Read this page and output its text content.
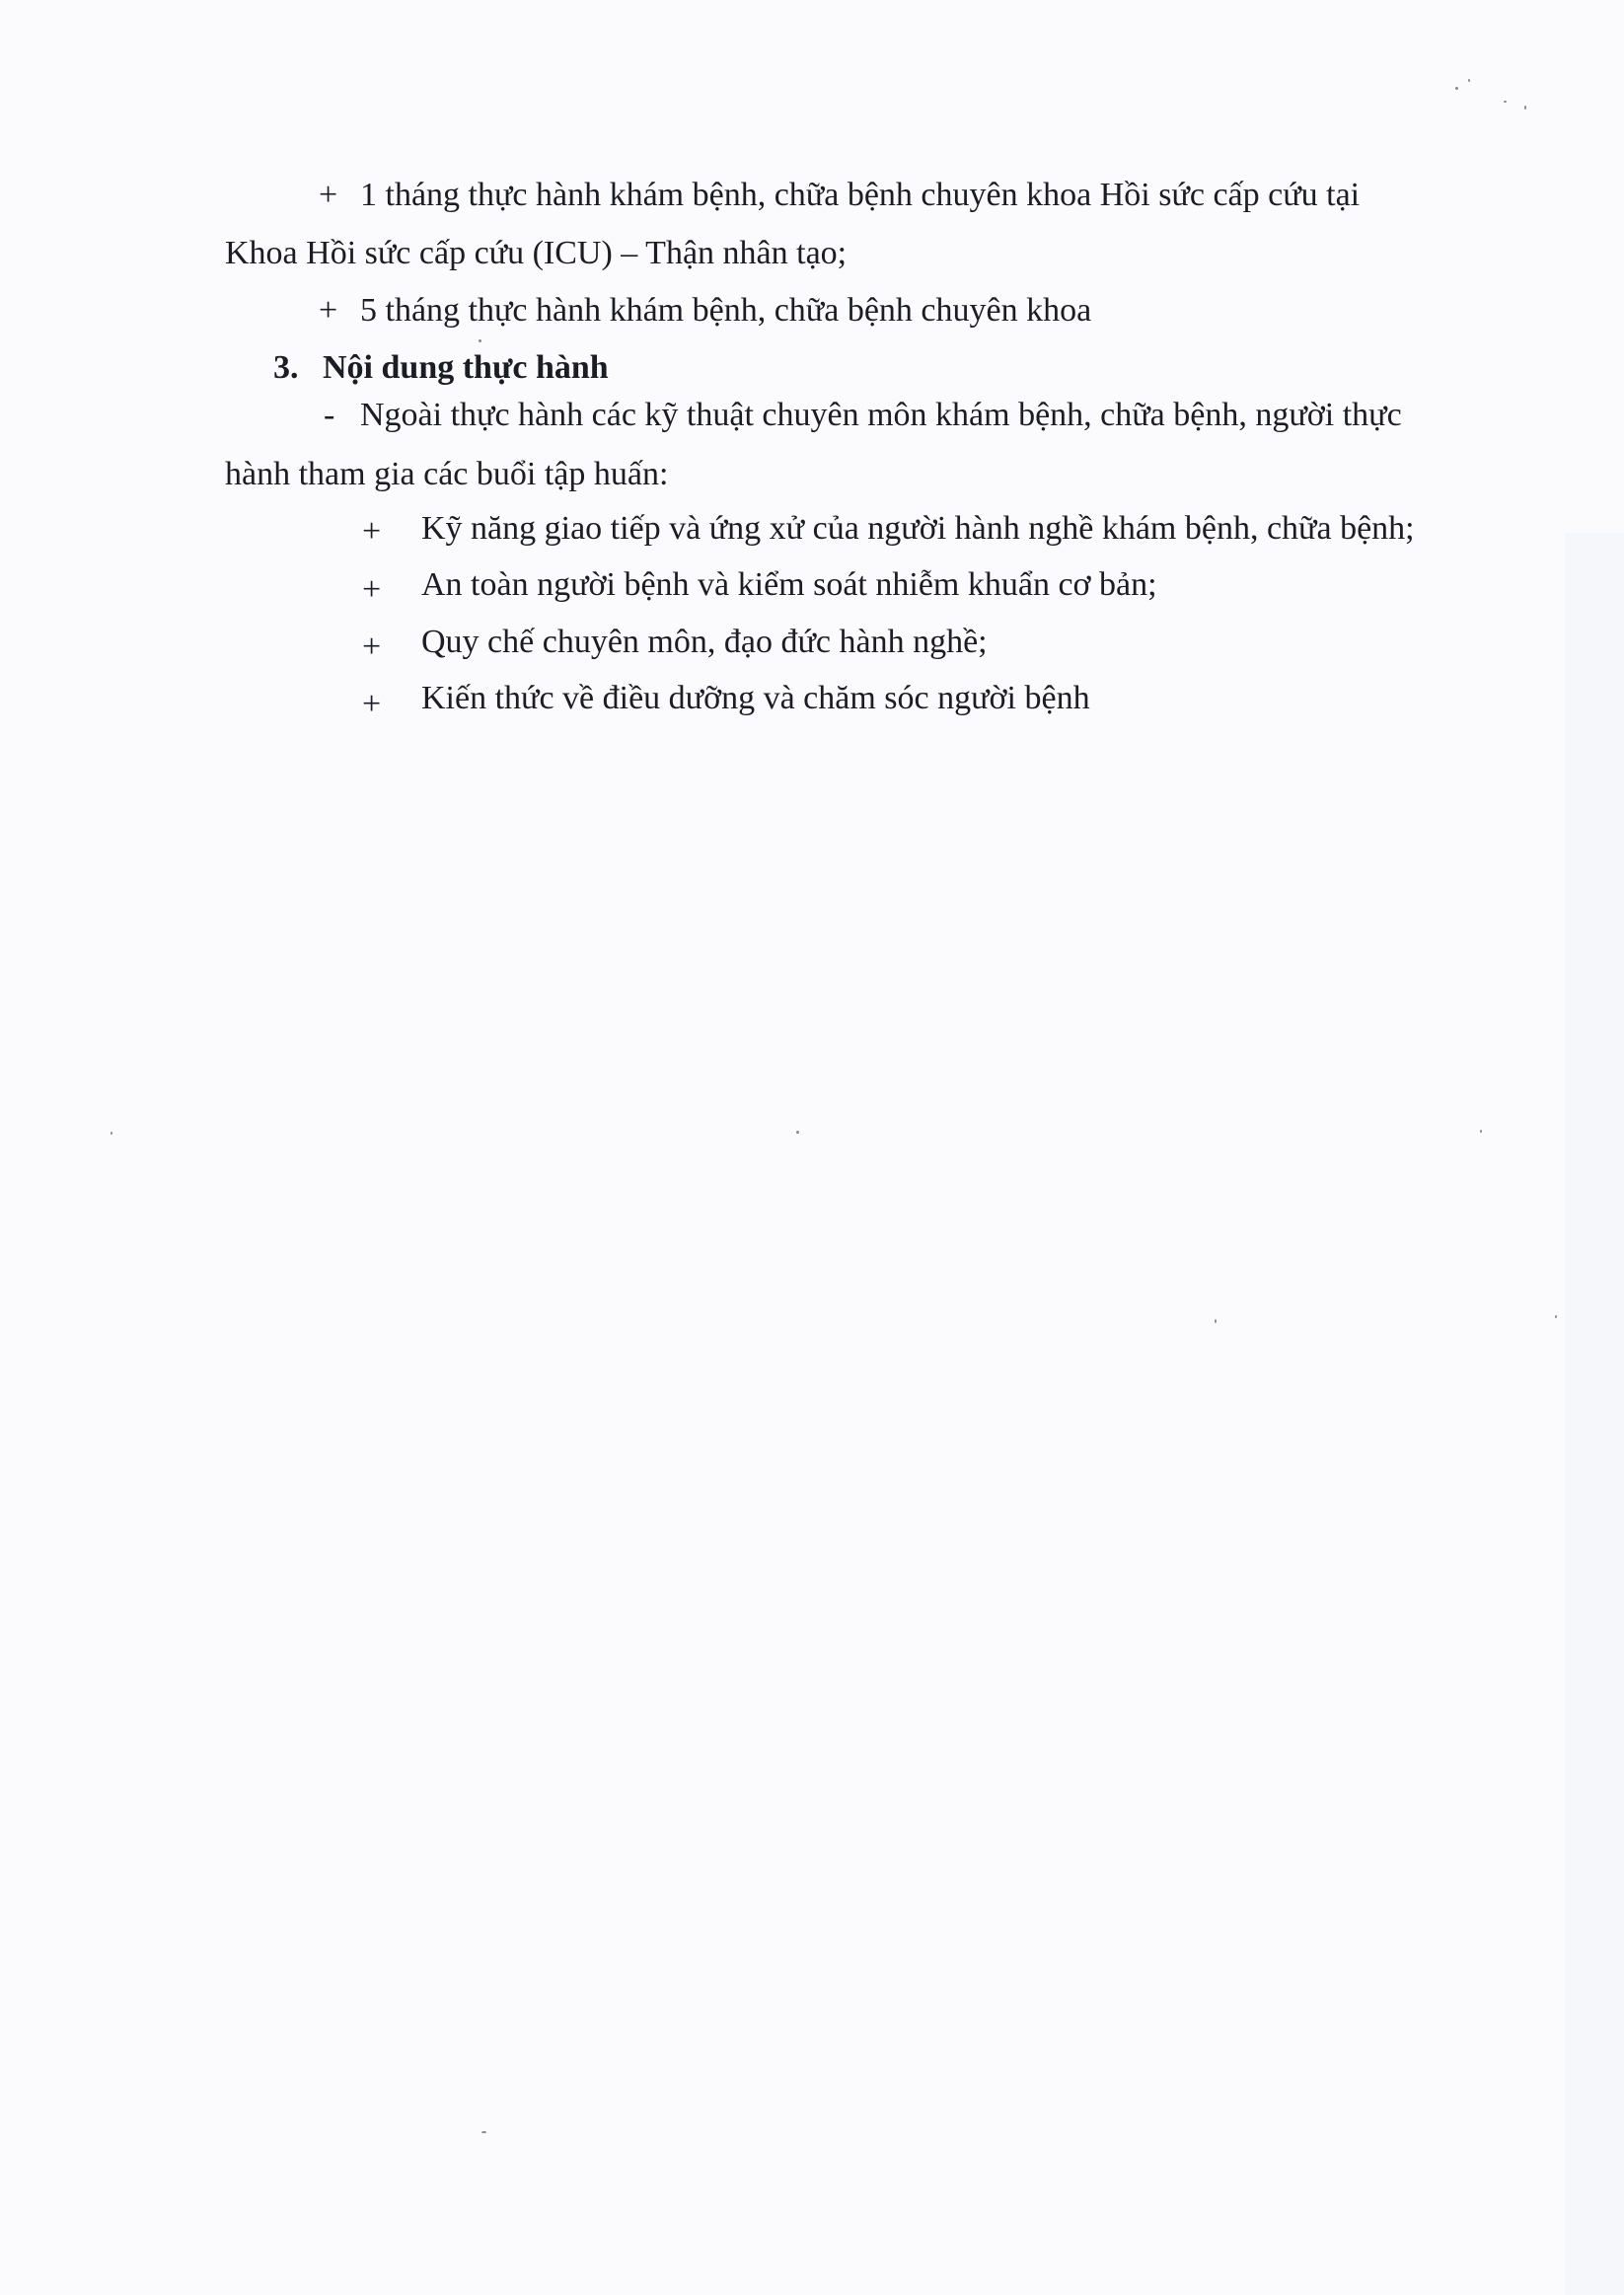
+ 1 tháng thực hành khám bệnh, chữa bệnh chuyên khoa Hồi sức cấp cứu tại
Khoa Hồi sức cấp cứu (ICU) – Thận nhân tạo;
+ 5 tháng thực hành khám bệnh, chữa bệnh chuyên khoa
3. Nội dung thực hành
- Ngoài thực hành các kỹ thuật chuyên môn khám bệnh, chữa bệnh, người thực
hành tham gia các buổi tập huấn:
+ Kỹ năng giao tiếp và ứng xử của người hành nghề khám bệnh, chữa bệnh;
+ An toàn người bệnh và kiểm soát nhiễm khuẩn cơ bản;
+ Quy chế chuyên môn, đạo đức hành nghề;
+ Kiến thức về điều dưỡng và chăm sóc người bệnh
